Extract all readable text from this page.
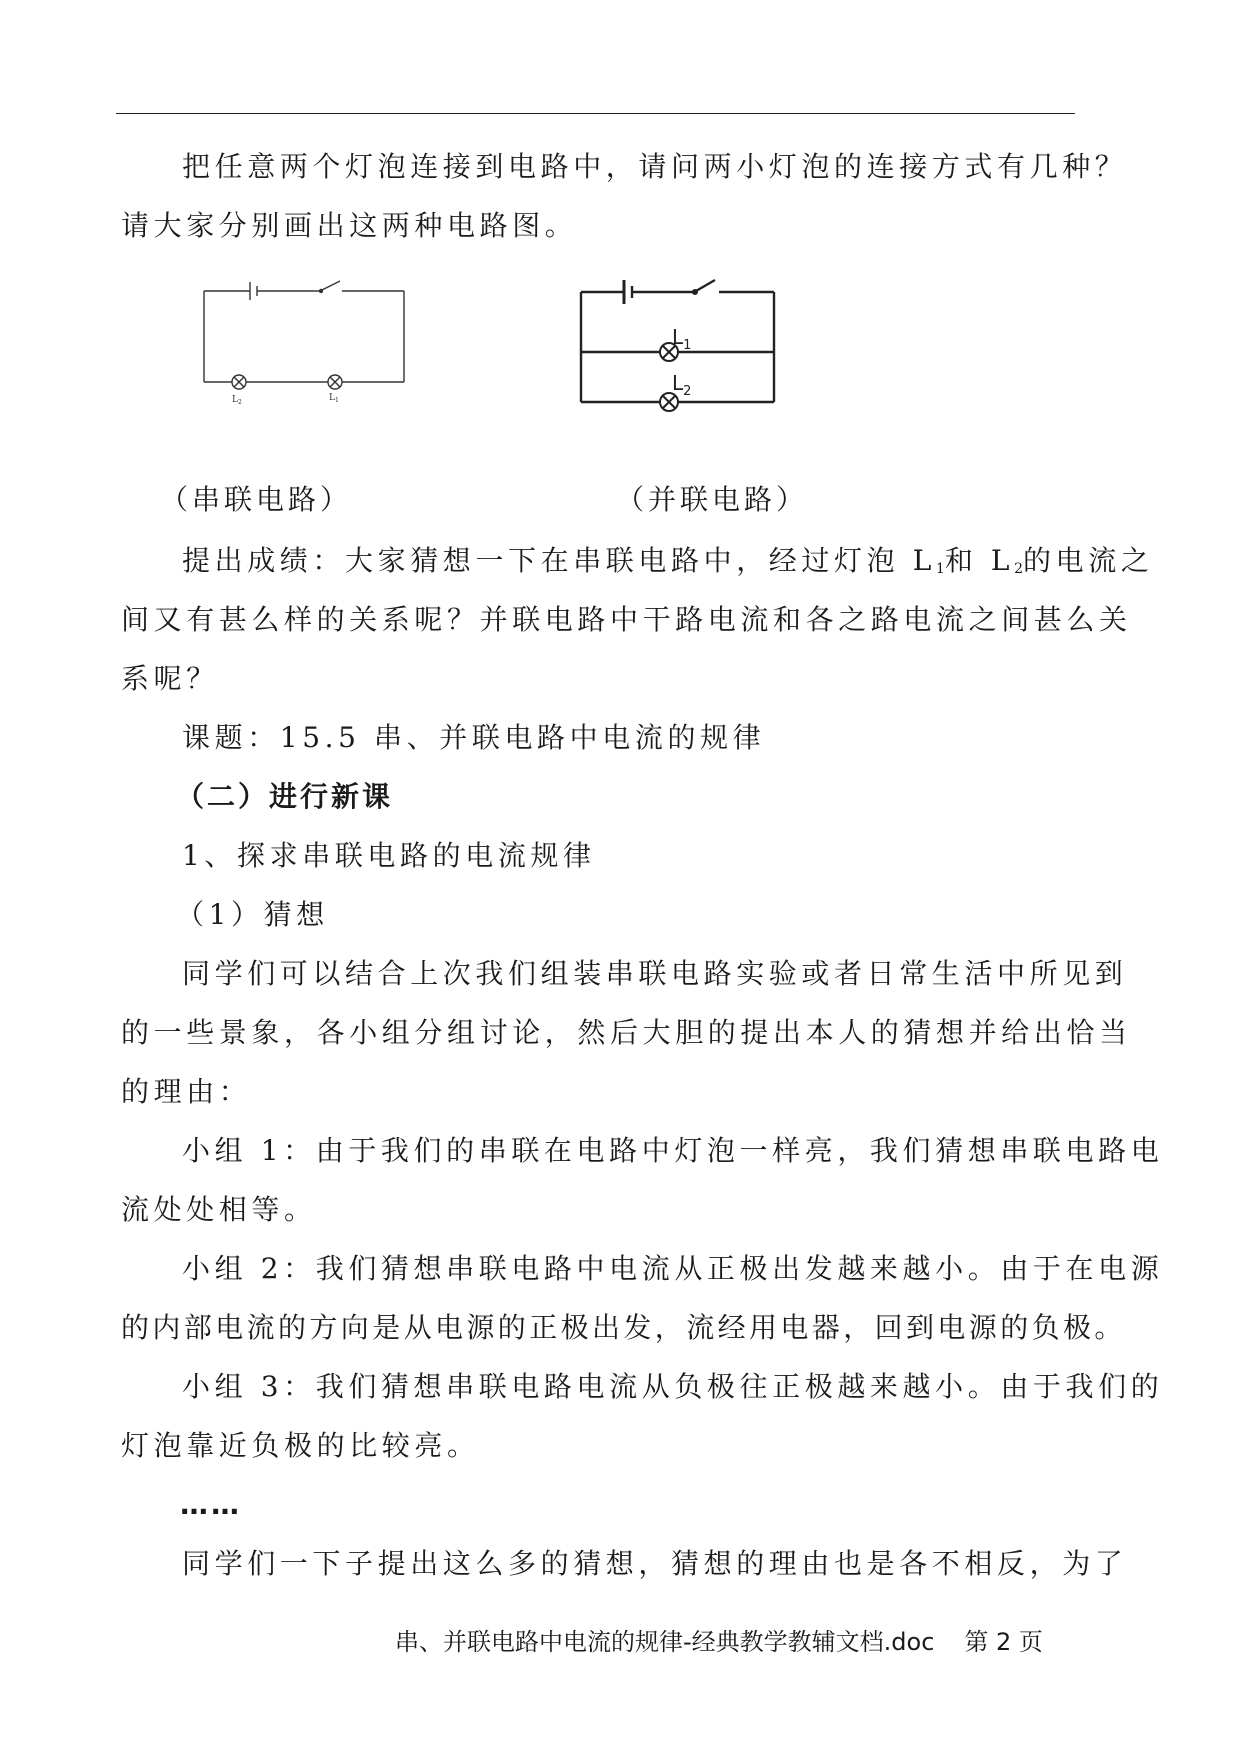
把任意两个灯泡连接到电路中，请问两小灯泡的连接方式有几种？
请大家分别画出这两种电路图。
$L_2$	$L_1$
$L_1$
$L_2$
（串联电路）	（并联电路）
提出成绩：大家猜想一下在串联电路中，经过灯泡 $L_1$和 $L_2$的电流之
间又有甚么样的关系呢？并联电路中干路电流和各之路电流之间甚么关
系呢？
课题：15.5 串、并联电路中电流的规律
（二）进行新课
1、探求串联电路的电流规律
（1）猜想
同学们可以结合上次我们组装串联电路实验或者日常生活中所见到
的一些景象，各小组分组讨论，然后大胆的提出本人的猜想并给出恰当
的理由：
小组 1：由于我们的串联在电路中灯泡一样亮，我们猜想串联电路电
流处处相等。
小组 2：我们猜想串联电路中电流从正极出发越来越小。由于在电源
的内部电流的方向是从电源的正极出发，流经用电器，回到电源的负极。
小组 3：我们猜想串联电路电流从负极往正极越来越小。由于我们的
灯泡靠近负极的比较亮。
……
同学们一下子提出这么多的猜想，猜想的理由也是各不相反，为了
串、并联电路中电流的规律-经典教学教辅文档.doc 第 2 页
